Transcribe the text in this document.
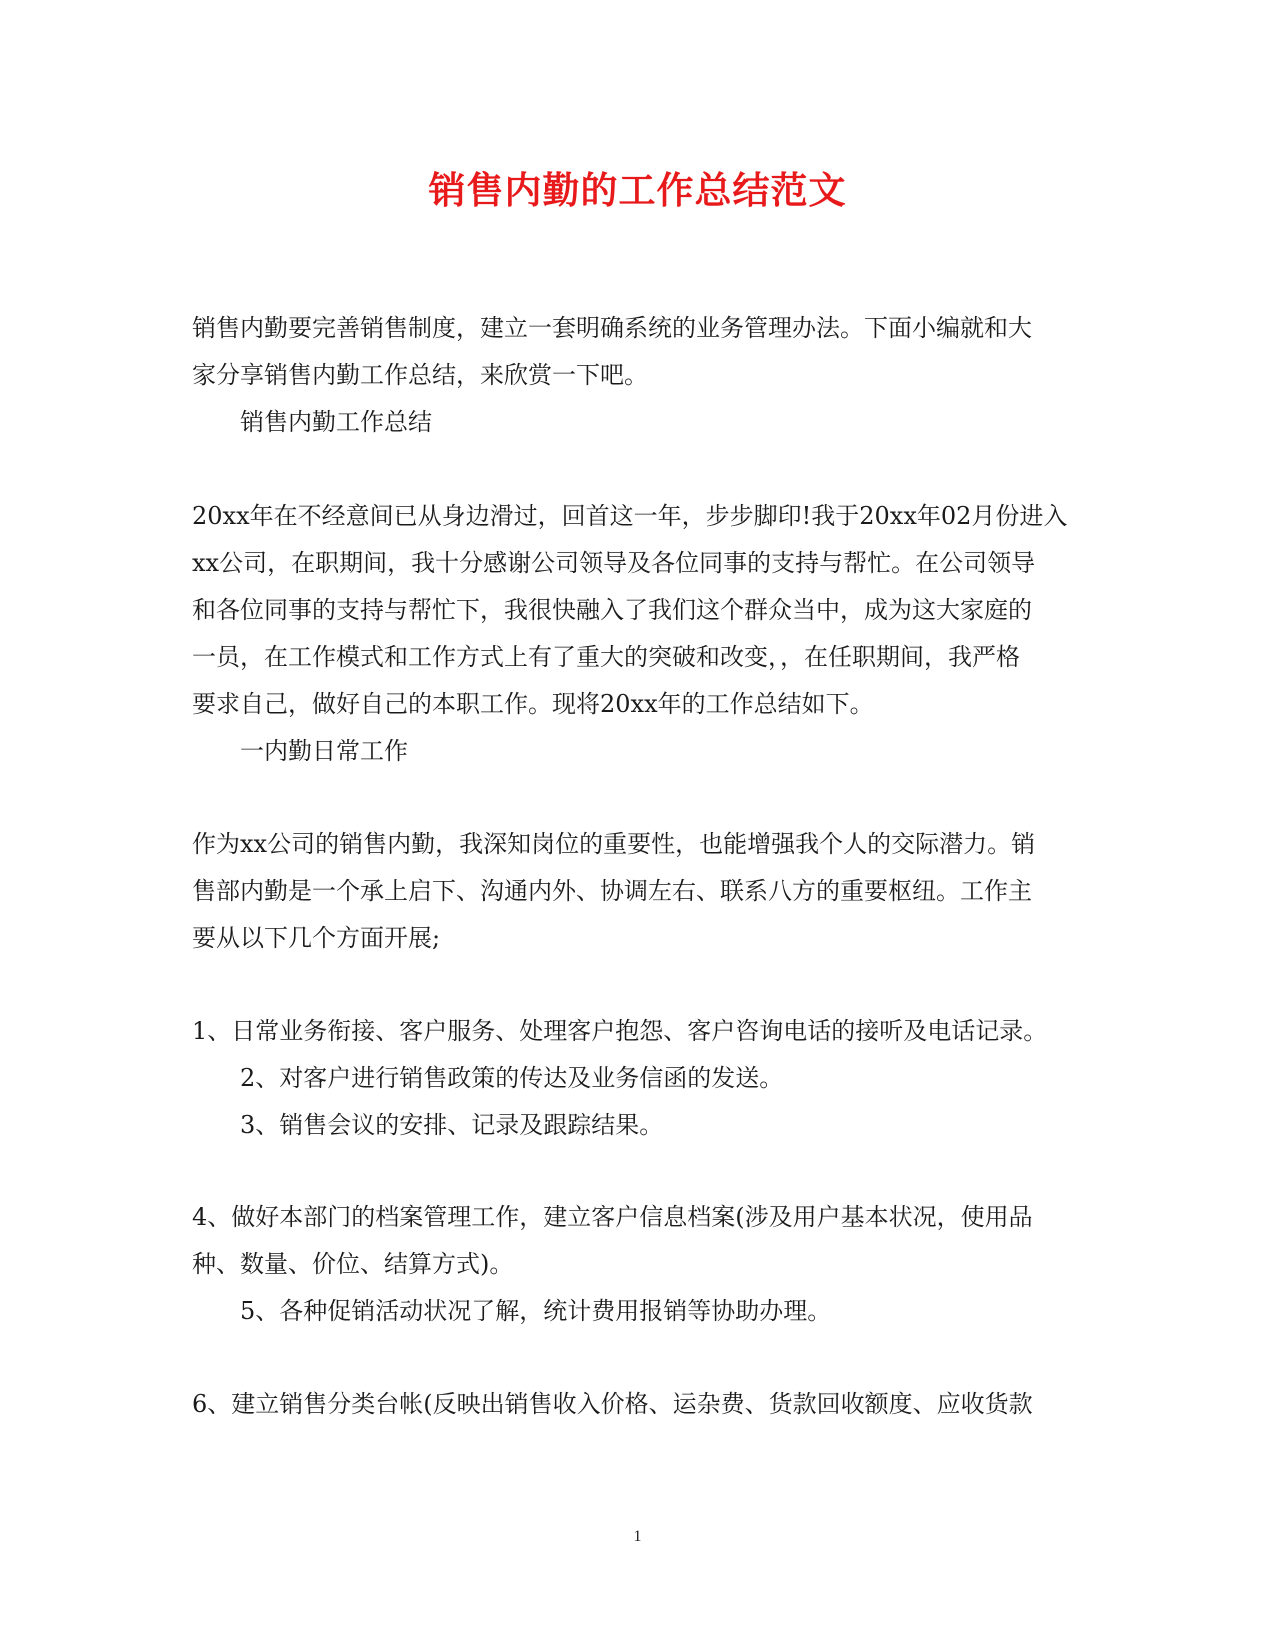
销售内勤的工作总结范文
销售内勤要完善销售制度，建立一套明确系统的业务管理办法。下面小编就和大
家分享销售内勤工作总结，来欣赏一下吧。
销售内勤工作总结
20xx年在不经意间已从身边滑过，回首这一年，步步脚印!我于20xx年02月份进入
xx公司，在职期间，我十分感谢公司领导及各位同事的支持与帮忙。在公司领导
和各位同事的支持与帮忙下，我很快融入了我们这个群众当中，成为这大家庭的
一员，在工作模式和工作方式上有了重大的突破和改变，，在任职期间，我严格
要求自己，做好自己的本职工作。现将20xx年的工作总结如下。
一内勤日常工作
作为xx公司的销售内勤，我深知岗位的重要性，也能增强我个人的交际潜力。销
售部内勤是一个承上启下、沟通内外、协调左右、联系八方的重要枢纽。工作主
要从以下几个方面开展;
1、日常业务衔接、客户服务、处理客户抱怨、客户咨询电话的接听及电话记录。
2、对客户进行销售政策的传达及业务信函的发送。
3、销售会议的安排、记录及跟踪结果。
4、做好本部门的档案管理工作，建立客户信息档案(涉及用户基本状况，使用品
种、数量、价位、结算方式)。
5、各种促销活动状况了解，统计费用报销等协助办理。
6、建立销售分类台帐(反映出销售收入价格、运杂费、货款回收额度、应收货款
1
